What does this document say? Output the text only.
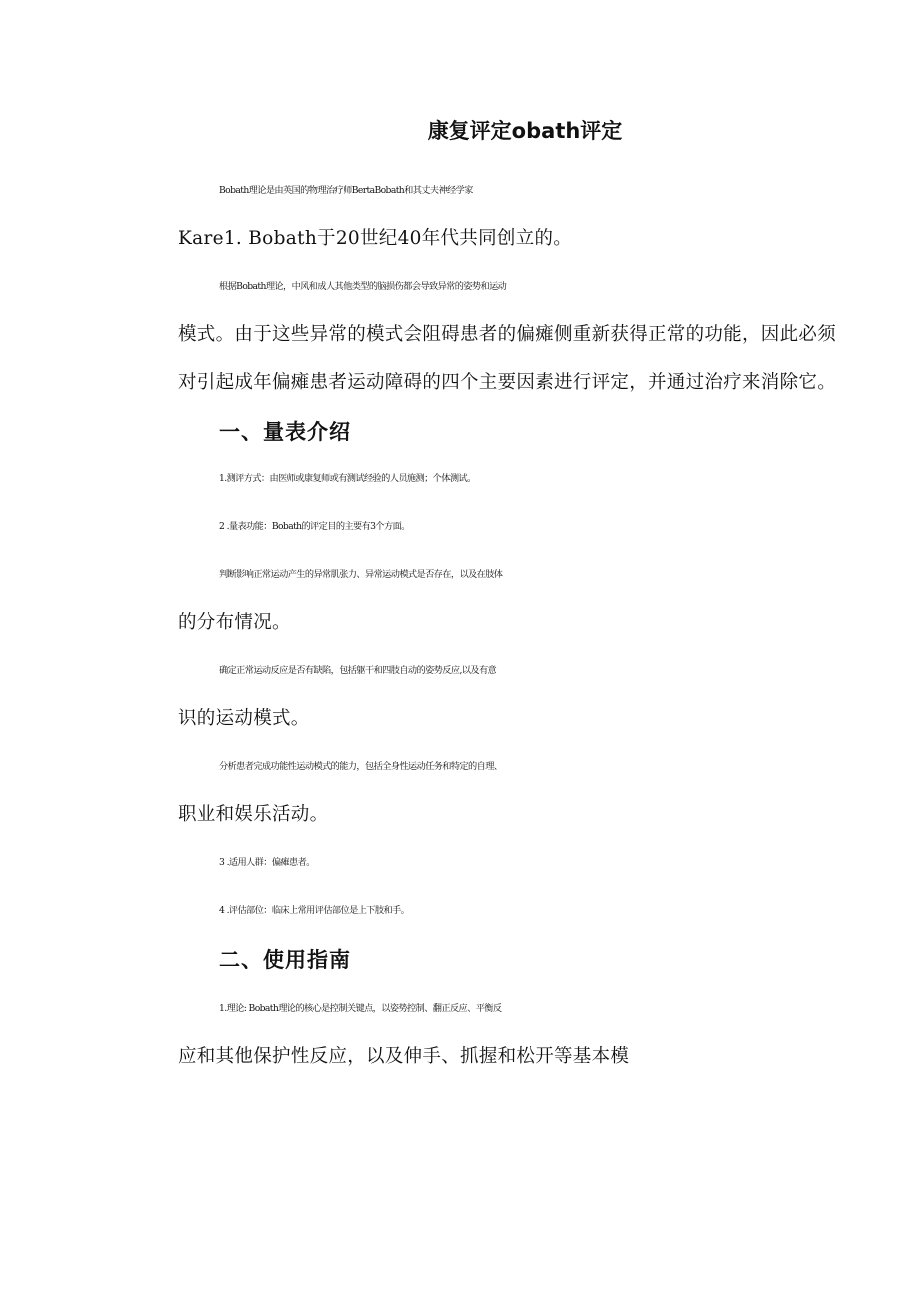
康复评定obath评定
Bobath理论是由英国的物理治疗师BertaBobath和其丈夫神经学家
Kare1. Bobath于20世纪40年代共同创立的。
根据Bobath理论，中风和成人其他类型的脑损伤都会导致异常的姿势和运动
模式。由于这些异常的模式会阻碍患者的偏瘫侧重新获得正常的功能，因此必须
对引起成年偏瘫患者运动障碍的四个主要因素进行评定，并通过治疗来消除它。
一、量表介绍
1.测评方式：由医师或康复师或有测试经验的人员施测；个体测试。
2 .量表功能：Bobath的评定目的主要有3个方面。
判断影响正常运动产生的异常肌张力、异常运动模式是否存在，以及在肢体
的分布情况。
确定正常运动反应是否有缺陷，包括躯干和四肢自动的姿势反应,以及有意
识的运动模式。
分析患者完成功能性运动模式的能力，包括全身性运动任务和特定的自理、
职业和娱乐活动。
3 .适用人群：偏瘫患者。
4 .评估部位：临床上常用评估部位是上下肢和手。
二、使用指南
1.理论: Bobath理论的核心是控制关键点，以姿势控制、翻正反应、平衡反
应和其他保护性反应，以及伸手、抓握和松开等基本模
